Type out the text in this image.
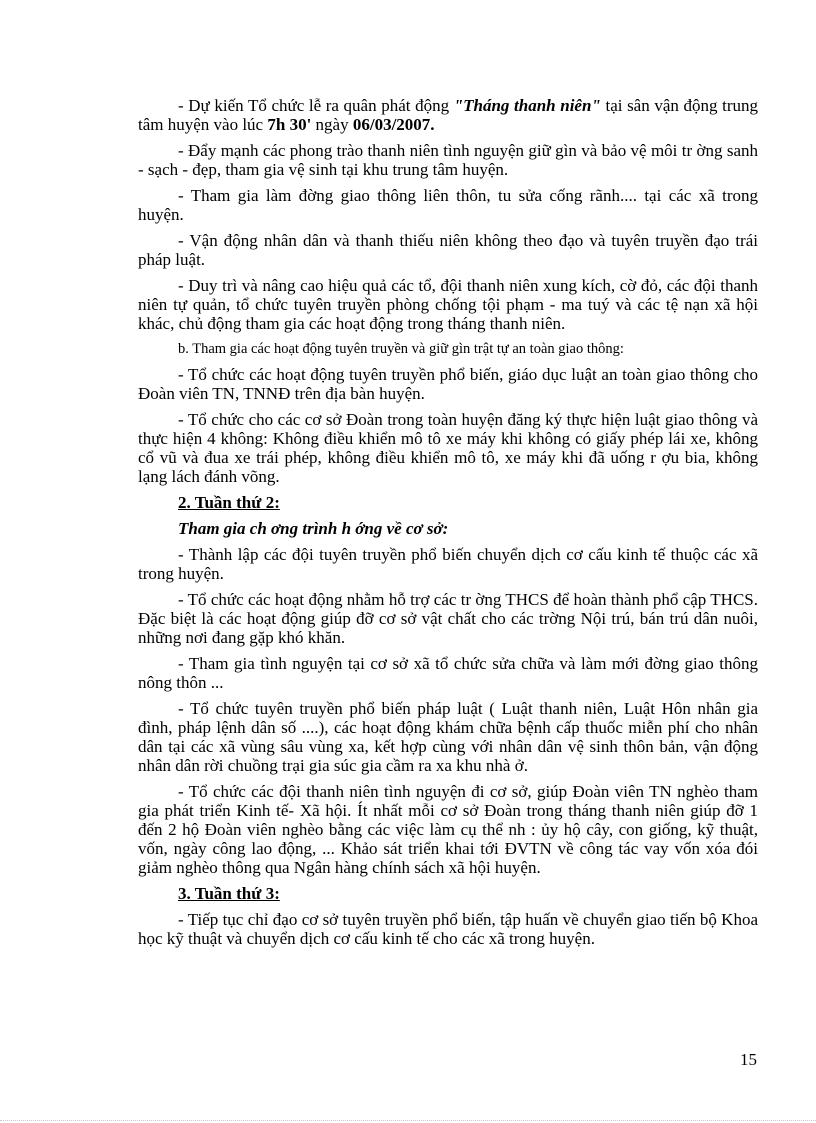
- Dự kiến Tổ chức lễ ra quân phát động "Tháng thanh niên" tại sân vận động trung tâm huyện vào lúc 7h 30' ngày 06/03/2007.

- Đẩy mạnh các phong trào thanh niên tình nguyện giữ gìn và bảo vệ môi tr ờng sanh - sạch - đẹp, tham gia vệ sinh tại khu trung tâm huyện.

- Tham gia làm đờng giao thông liên thôn, tu sửa cống rãnh.... tại các xã trong huyện.

- Vận động nhân dân và thanh thiếu niên không theo đạo và tuyên truyền đạo trái pháp luật.

- Duy trì và nâng cao hiệu quả các tổ, đội thanh niên xung kích, cờ đỏ, các đội thanh niên tự quản, tổ chức tuyên truyền phòng chống tội phạm - ma tuý và các tệ nạn xã hội khác, chủ động tham gia các hoạt động trong tháng thanh niên.

b. Tham gia các hoạt động tuyên truyền và giữ gìn trật tự an toàn giao thông:

- Tổ chức các hoạt động tuyên truyền phổ biến, giáo dục luật an toàn giao thông cho Đoàn viên TN, TNNĐ trên địa bàn huyện.

- Tổ chức cho các cơ sở Đoàn trong toàn huyện đăng ký thực hiện luật giao thông và thực hiện 4 không: Không điều khiển mô tô xe máy khi không có giấy phép lái xe, không cổ vũ và đua xe trái phép, không điều khiển mô tô, xe máy khi đã uống r ợu bia, không lạng lách đánh võng.

2. Tuần thứ 2:
Tham gia ch ơng trình h ớng về cơ sở:

- Thành lập các đội tuyên truyền phổ biến chuyển dịch cơ cấu kinh tế thuộc các xã trong huyện.

- Tổ chức các hoạt động nhằm hỗ trợ các tr ờng THCS để hoàn thành phổ cập THCS. Đặc biệt là các hoạt động giúp đỡ cơ sở vật chất cho các trờng Nội trú, bán trú dân nuôi, những nơi đang gặp khó khăn.

- Tham gia tình nguyện tại cơ sở xã tổ chức sửa chữa và làm mới đờng giao thông nông thôn ...

- Tổ chức tuyên truyền phổ biến pháp luật ( Luật thanh niên, Luật Hôn nhân gia đình, pháp lệnh dân số ....), các hoạt động khám chữa bệnh cấp thuốc miễn phí cho nhân dân tại các xã vùng sâu vùng xa, kết hợp cùng với nhân dân vệ sinh thôn bản, vận động nhân dân rời chuồng trại gia súc gia cầm ra xa khu nhà ở.

- Tổ chức các đội thanh niên tình nguyện đi cơ sở, giúp Đoàn viên TN nghèo tham gia phát triển Kinh tế- Xã hội. Ít nhất mỗi cơ sở Đoàn trong tháng thanh niên giúp đỡ 1 đến 2 hộ Đoàn viên nghèo bằng các việc làm cụ thể nh : ủy hộ cây, con giống, kỹ thuật, vốn, ngày công lao động, ... Khảo sát triển khai tới ĐVTN về công tác vay vốn xóa đói giảm nghèo thông qua Ngân hàng chính sách xã hội huyện.

3. Tuần thứ 3:

- Tiếp tục chỉ đạo cơ sở tuyên truyền phổ biến, tập huấn về chuyển giao tiến bộ Khoa học kỹ thuật và chuyển dịch cơ cấu kinh tế cho các xã trong huyện.

15
